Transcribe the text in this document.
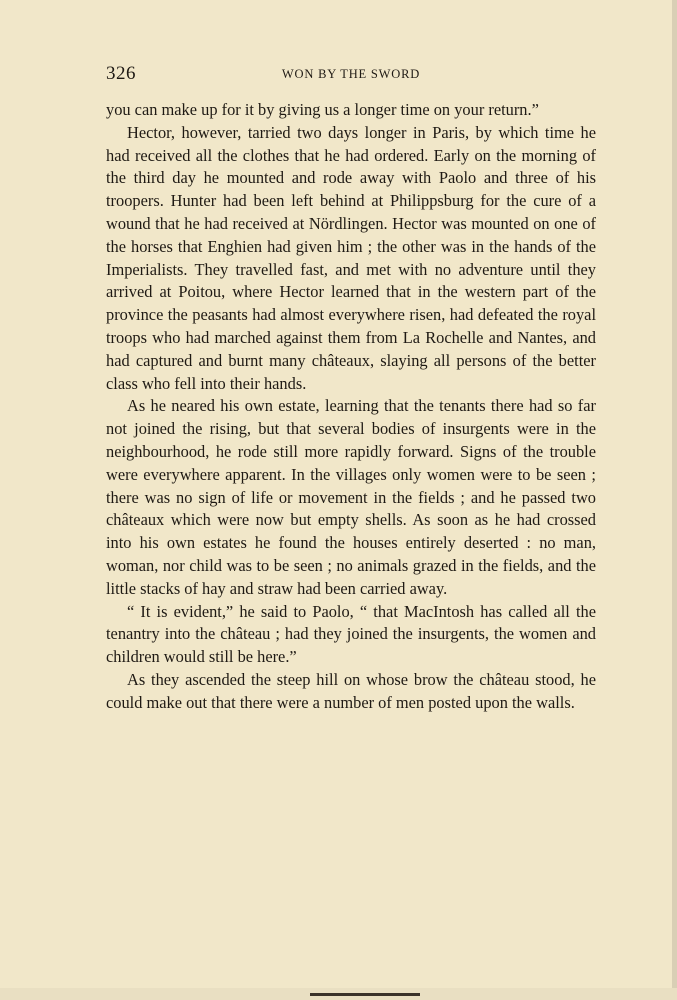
326	WON BY THE SWORD

you can make up for it by giving us a longer time on your return.”

Hector, however, tarried two days longer in Paris, by which time he had received all the clothes that he had ordered. Early on the morning of the third day he mounted and rode away with Paolo and three of his troopers. Hunter had been left behind at Philippsburg for the cure of a wound that he had received at Nördlingen. Hector was mounted on one of the horses that Enghien had given him ; the other was in the hands of the Imperialists. They travelled fast, and met with no adventure until they arrived at Poitou, where Hector learned that in the western part of the province the peasants had almost everywhere risen, had defeated the royal troops who had marched against them from La Rochelle and Nantes, and had captured and burnt many châteaux, slaying all persons of the better class who fell into their hands.

As he neared his own estate, learning that the tenants there had so far not joined the rising, but that several bodies of insurgents were in the neighbourhood, he rode still more rapidly forward. Signs of the trouble were everywhere apparent. In the villages only women were to be seen ; there was no sign of life or movement in the fields ; and he passed two châteaux which were now but empty shells. As soon as he had crossed into his own estates he found the houses entirely deserted : no man, woman, nor child was to be seen ; no animals grazed in the fields, and the little stacks of hay and straw had been carried away.

“ It is evident,” he said to Paolo, “ that MacIntosh has called all the tenantry into the château ; had they joined the insurgents, the women and children would still be here.”

As they ascended the steep hill on whose brow the château stood, he could make out that there were a number of men posted upon the walls.
